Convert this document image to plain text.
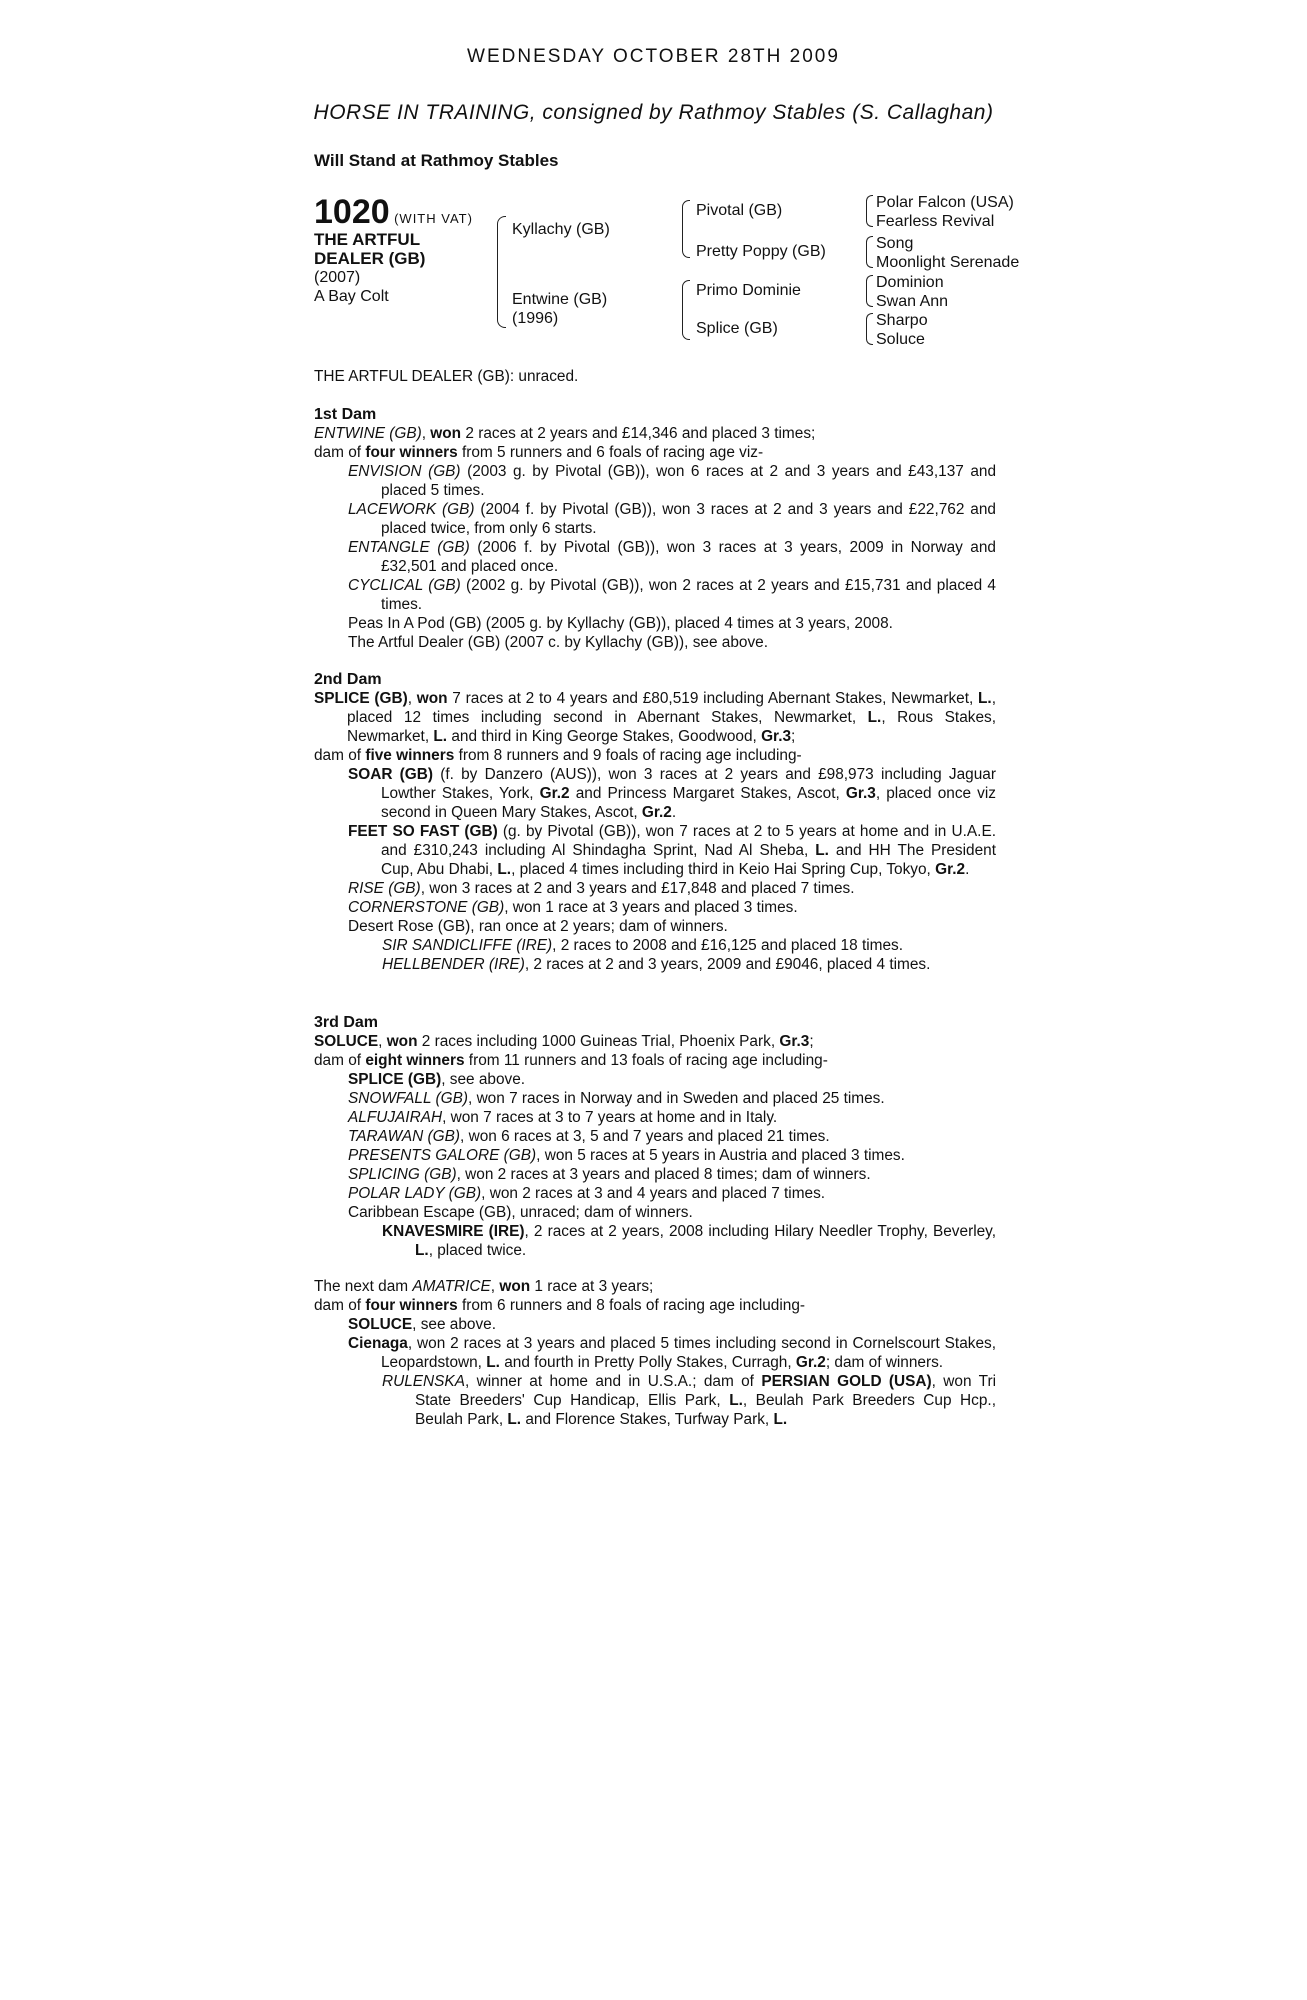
WEDNESDAY OCTOBER 28TH 2009
HORSE IN TRAINING, consigned by Rathmoy Stables (S. Callaghan)
Will Stand at Rathmoy Stables
1020 (WITH VAT)
THE ARTFUL
DEALER (GB)
(2007)
A Bay Colt
Kyllachy (GB)
Entwine (GB)
(1996)
Pivotal (GB)
Pretty Poppy (GB)
Primo Dominie
Splice (GB)
Polar Falcon (USA)
Fearless Revival
Song
Moonlight Serenade
Dominion
Swan Ann
Sharpo
Soluce
THE ARTFUL DEALER (GB): unraced.
1st Dam

ENTWINE (GB), won 2 races at 2 years and £14,346 and placed 3 times;

dam of four winners from 5 runners and 6 foals of racing age viz-

ENVISION (GB) (2003 g. by Pivotal (GB)), won 6 races at 2 and 3 years and £43,137 and placed 5 times.

LACEWORK (GB) (2004 f. by Pivotal (GB)), won 3 races at 2 and 3 years and £22,762 and placed twice, from only 6 starts.

ENTANGLE (GB) (2006 f. by Pivotal (GB)), won 3 races at 3 years, 2009 in Norway and £32,501 and placed once.

CYCLICAL (GB) (2002 g. by Pivotal (GB)), won 2 races at 2 years and £15,731 and placed 4 times.

Peas In A Pod (GB) (2005 g. by Kyllachy (GB)), placed 4 times at 3 years, 2008.

The Artful Dealer (GB) (2007 c. by Kyllachy (GB)), see above.

2nd Dam

SPLICE (GB), won 7 races at 2 to 4 years and £80,519 including Abernant Stakes, Newmarket, L., placed 12 times including second in Abernant Stakes, Newmarket, L., Rous Stakes, Newmarket, L. and third in King George Stakes, Goodwood, Gr.3;

dam of five winners from 8 runners and 9 foals of racing age including-

SOAR (GB) (f. by Danzero (AUS)), won 3 races at 2 years and £98,973 including Jaguar Lowther Stakes, York, Gr.2 and Princess Margaret Stakes, Ascot, Gr.3, placed once viz second in Queen Mary Stakes, Ascot, Gr.2.

FEET SO FAST (GB) (g. by Pivotal (GB)), won 7 races at 2 to 5 years at home and in U.A.E. and £310,243 including Al Shindagha Sprint, Nad Al Sheba, L. and HH The President Cup, Abu Dhabi, L., placed 4 times including third in Keio Hai Spring Cup, Tokyo, Gr.2.

RISE (GB), won 3 races at 2 and 3 years and £17,848 and placed 7 times.

CORNERSTONE (GB), won 1 race at 3 years and placed 3 times.

Desert Rose (GB), ran once at 2 years; dam of winners.

SIR SANDICLIFFE (IRE), 2 races to 2008 and £16,125 and placed 18 times.

HELLBENDER (IRE), 2 races at 2 and 3 years, 2009 and £9046, placed 4 times.

3rd Dam

SOLUCE, won 2 races including 1000 Guineas Trial, Phoenix Park, Gr.3;

dam of eight winners from 11 runners and 13 foals of racing age including-

SPLICE (GB), see above.

SNOWFALL (GB), won 7 races in Norway and in Sweden and placed 25 times.

ALFUJAIRAH, won 7 races at 3 to 7 years at home and in Italy.

TARAWAN (GB), won 6 races at 3, 5 and 7 years and placed 21 times.

PRESENTS GALORE (GB), won 5 races at 5 years in Austria and placed 3 times.

SPLICING (GB), won 2 races at 3 years and placed 8 times; dam of winners.

POLAR LADY (GB), won 2 races at 3 and 4 years and placed 7 times.

Caribbean Escape (GB), unraced; dam of winners.

KNAVESMIRE (IRE), 2 races at 2 years, 2008 including Hilary Needler Trophy, Beverley, L., placed twice.

The next dam AMATRICE, won 1 race at 3 years;

dam of four winners from 6 runners and 8 foals of racing age including-

SOLUCE, see above.

Cienaga, won 2 races at 3 years and placed 5 times including second in Cornelscourt Stakes, Leopardstown, L. and fourth in Pretty Polly Stakes, Curragh, Gr.2; dam of winners.

RULENSKA, winner at home and in U.S.A.; dam of PERSIAN GOLD (USA), won Tri State Breeders' Cup Handicap, Ellis Park, L., Beulah Park Breeders Cup Hcp., Beulah Park, L. and Florence Stakes, Turfway Park, L.
